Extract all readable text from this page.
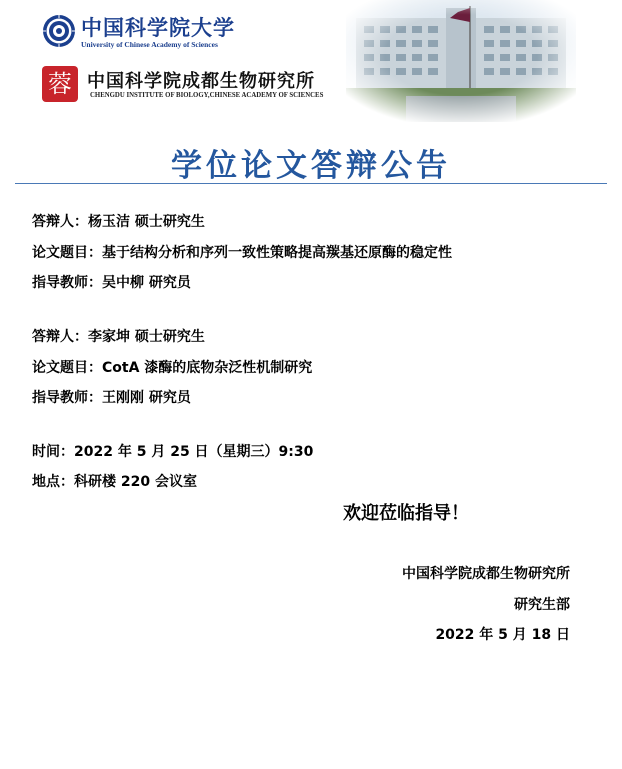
中国科学院大学
University of Chinese Academy of Sciences
蓉 中国科学院成都生物研究所
CHENGDU INSTITUTE OF BIOLOGY,CHINESE ACADEMY OF SCIENCES
学位论文答辩公告
答辩人：杨玉洁 硕士研究生
论文题目：基于结构分析和序列一致性策略提高羰基还原酶的稳定性
指导教师：吴中柳 研究员
答辩人：李家坤 硕士研究生
论文题目：CotA 漆酶的底物杂泛性机制研究
指导教师：王刚刚 研究员
时间：2022 年 5 月 25 日（星期三）9:30
地点：科研楼 220 会议室
欢迎莅临指导！
中国科学院成都生物研究所
研究生部
2022 年 5 月 18 日
